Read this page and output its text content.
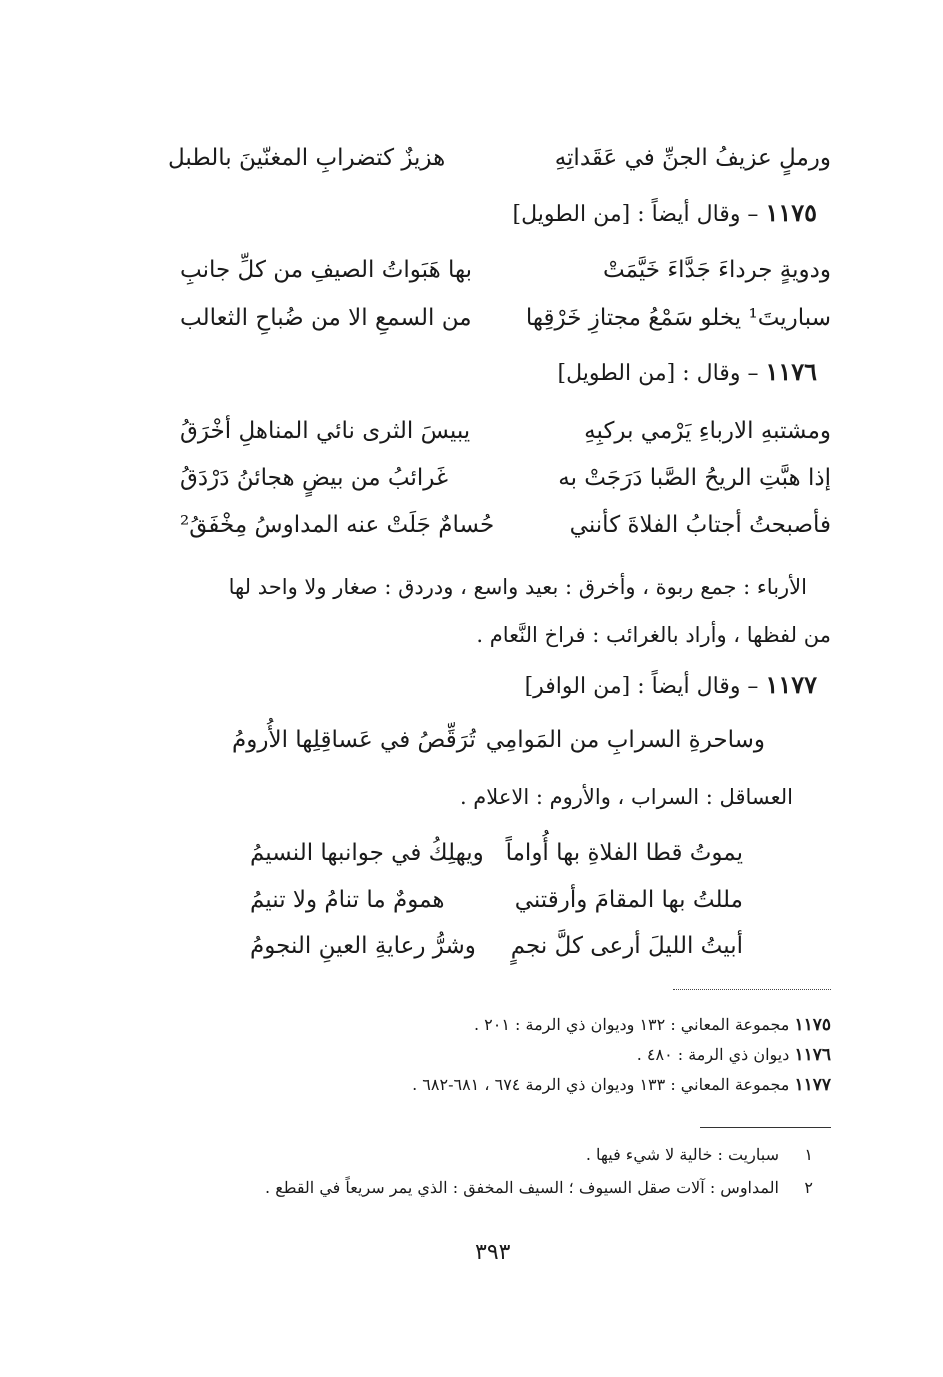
ورملٍ عزيفُ الجنِّ في عَقَداتِهِ
هزيزٌ كتضرابِ المغنّينَ بالطبل
١١٧٥ – وقال أيضاً : [من الطويل]
ودويةٍ جرداءَ جَدَّاءَ خَيَّمَتْ
بها هَبَواتُ الصيفِ من كلِّ جانبِ
سباريتَ¹ يخلو سَمْعُ مجتازِ خَرْقِها
من السمعِ الا من ضُباحِ الثعالب
١١٧٦ – وقال : [من الطويل]
ومشتبهِ الارباءِ يَرْمي بركبِهِ
يبيسَ الثرى نائي المناهلِ أخْرَقُ
إذا هبَّتِ الريحُ الصَّبا دَرَجَتْ به
غَرائبُ من بيضٍ هجائنُ دَرْدَقُ
فأصبحتُ أجتابُ الفلاةَ كأنني
حُسامٌ جَلَتْ عنه المداوسُ مِخْفَقُ²
الأرباء : جمع ربوة ، وأخرق : بعيد واسع ، ودردق : صغار ولا واحد لها
من لفظها ، وأراد بالغرائب : فراخ النَّعام .
١١٧٧ – وقال أيضاً : [من الوافر]
وساحرةِ السرابِ من المَوامِي
تُرَقِّصُ في عَساقِلِها الأُرومُ
العساقل : السراب ، والأروم : الاعلام .
يموتُ قطا الفلاةِ بها أُواماً
ويهلِكُ في جوانبها النسيمُ
مللتُ بها المقامَ وأرقتني
همومٌ ما تنامُ ولا تنيمُ
أبيتُ الليلَ أرعى كلَّ نجمٍ
وشرُّ رعايةِ العينِ النجومُ
١١٧٥ مجموعة المعاني : ١٣٢ وديوان ذي الرمة : ٢٠١ .
١١٧٦ ديوان ذي الرمة : ٤٨٠ .
١١٧٧ مجموعة المعاني : ١٣٣ وديوان ذي الرمة ٦٧٤ ، ٦٨١-٦٨٢ .
١     سباريت : خالية لا شيء فيها .
٢     المداوس : آلات صقل السيوف ؛ السيف المخفق : الذي يمر سريعاً في القطع .
٣٩٣
